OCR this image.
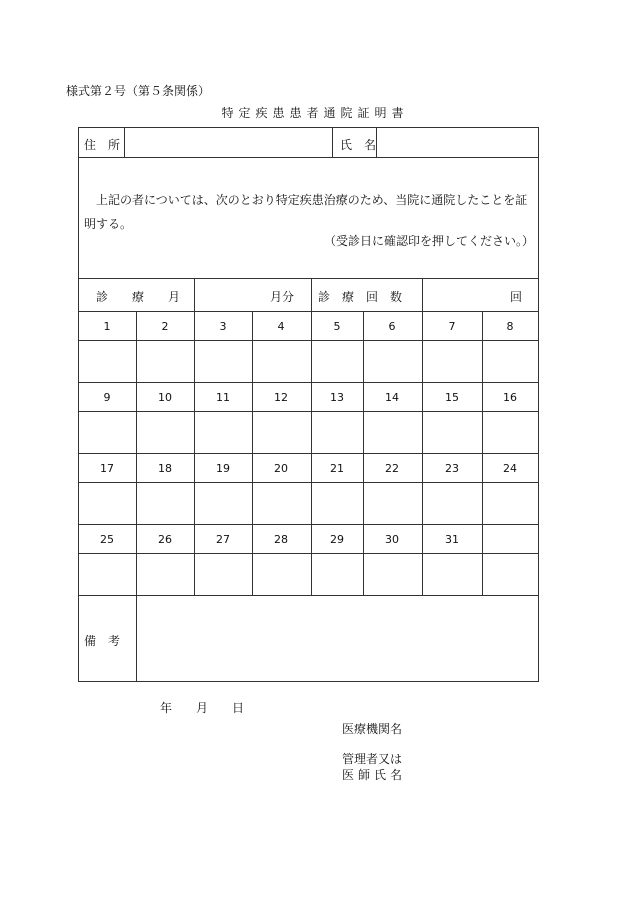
様式第２号（第５条関係）
特定疾患患者通院証明書
住　所	氏　名
上記の者については、次のとおり特定疾患治療のため、当院に通院したことを証明する。
（受診日に確認印を押してください。）
診　　療　　月	月分 診　療　回　数	回
1	2	3	4	5	6	7	8
9	10	11	12	13	14	15	16
17	18	19	20	21	22	23	24
25	26	27	28	29	30	31
備　考
年　　月　　日
医療機関名
管理者又は
医師氏名
